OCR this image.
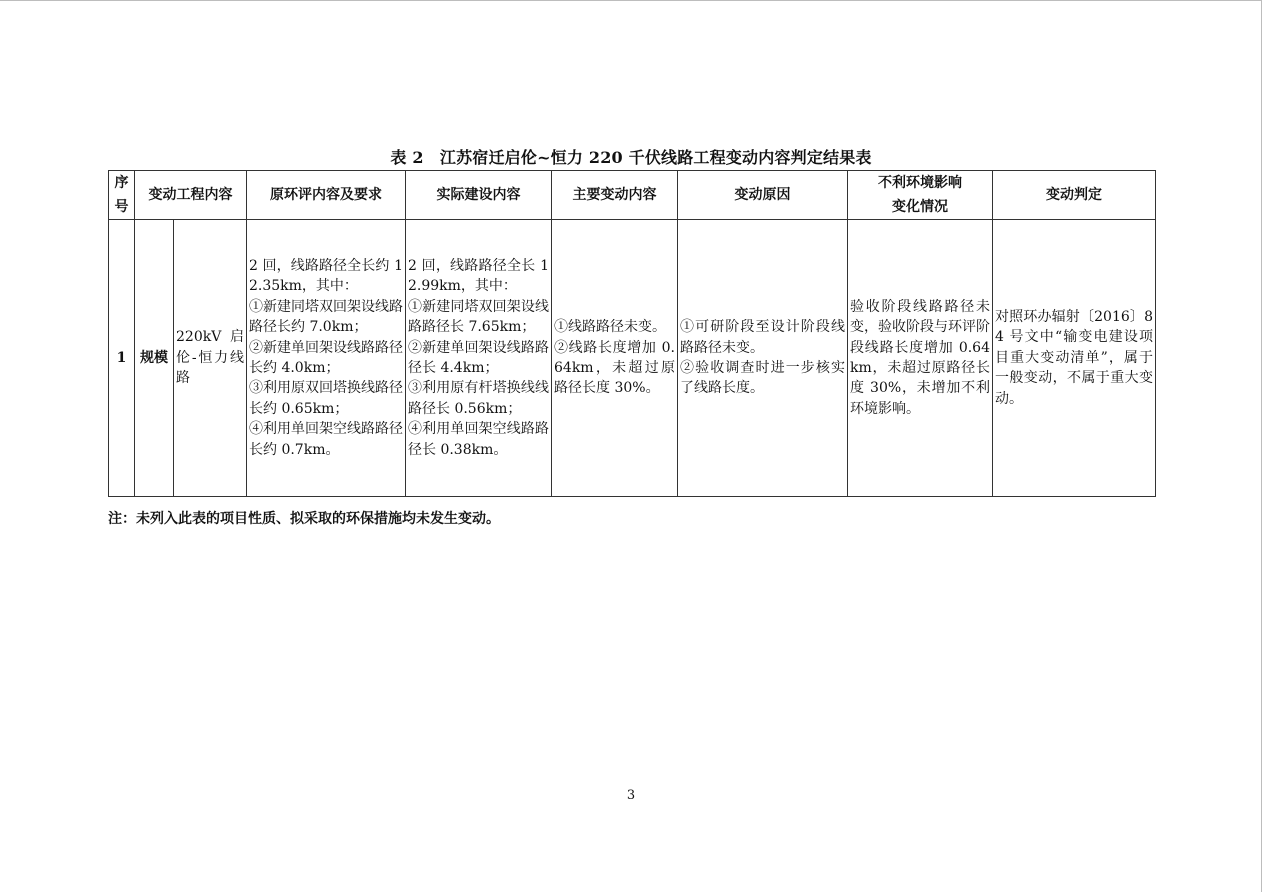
表 2　江苏宿迁启伦~恒力 220 千伏线路工程变动内容判定结果表
序号	变动工程内容		原环评内容及要求	实际建设内容	主要变动内容	变动原因	不利环境影响
变化情况	变动判定
1	规模	220kV 启伦-恒力线路	2 回，线路路径全长约 12.35km，其中：
①新建同塔双回架设线路路径长约 7.0km；
②新建单回架设线路路径长约 4.0km；
③利用原双回塔换线路径长约 0.65km；
④利用单回架空线路路径长约 0.7km。	2 回，线路路径全长 12.99km，其中：
①新建同塔双回架设线路路径长 7.65km；
②新建单回架设线路路径长 4.4km；
③利用原有杆塔换线线路径长 0.56km；
④利用单回架空线路路径长 0.38km。	①线路路径未变。
②线路长度增加 0.64km，未超过原路径长度 30%。	①可研阶段至设计阶段线路路径未变。
②验收调查时进一步核实了线路长度。	验收阶段线路路径未变，验收阶段与环评阶段线路长度增加 0.64km，未超过原路径长度 30%，未增加不利环境影响。	对照环办辐射〔2016〕84 号文中“输变电建设项目重大变动清单”，属于一般变动，不属于重大变动。
注：未列入此表的项目性质、拟采取的环保措施均未发生变动。
3
